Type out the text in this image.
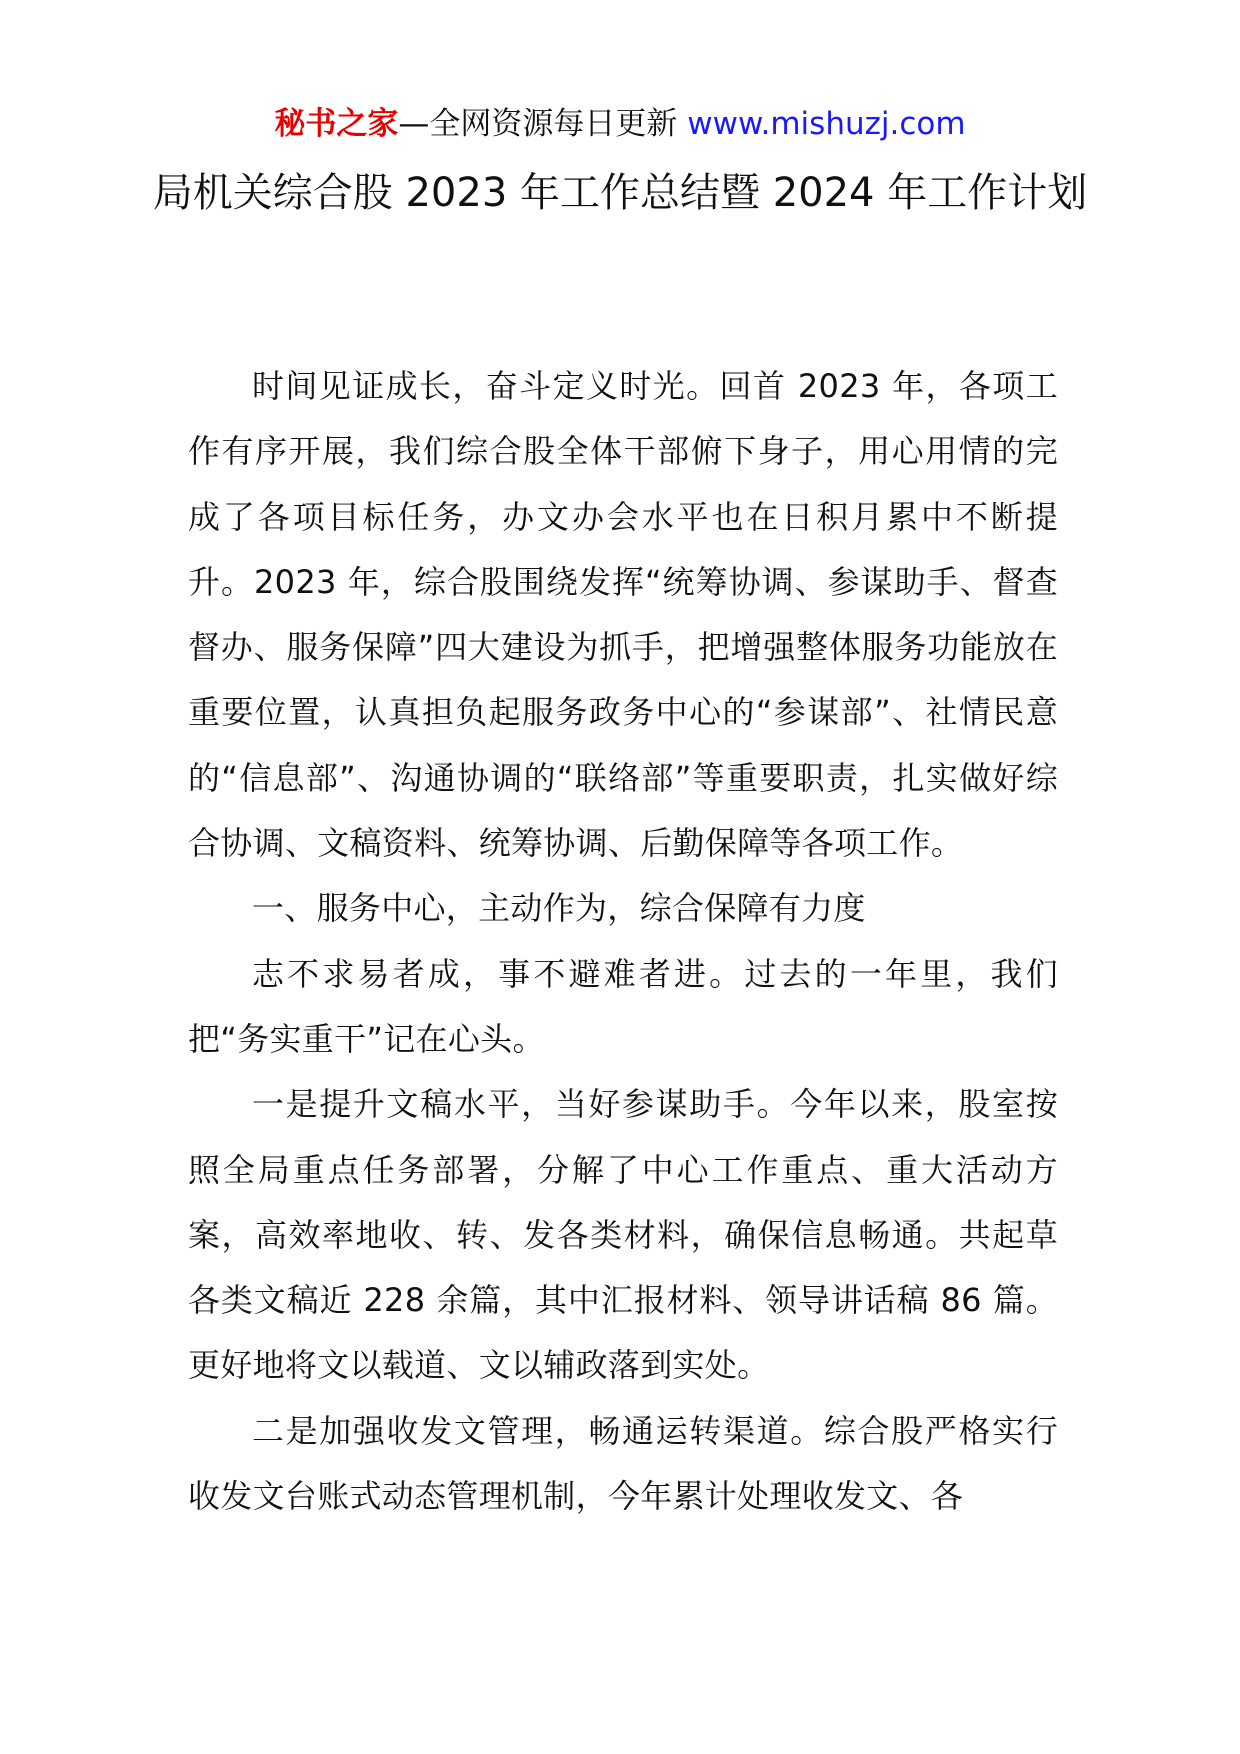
秘书之家—全网资源每日更新 www.mishuzj.com
局机关综合股 2023 年工作总结暨 2024 年工作计划

时间见证成长，奋斗定义时光。回首 2023 年，各项工作有序开展，我们综合股全体干部俯下身子，用心用情的完成了各项目标任务，办文办会水平也在日积月累中不断提升。2023 年，综合股围绕发挥“统筹协调、参谋助手、督查督办、服务保障”四大建设为抓手，把增强整体服务功能放在重要位置，认真担负起服务政务中心的“参谋部”、社情民意的“信息部”、沟通协调的“联络部”等重要职责，扎实做好综合协调、文稿资料、统筹协调、后勤保障等各项工作。

一、服务中心，主动作为，综合保障有力度

志不求易者成，事不避难者进。过去的一年里，我们把“务实重干”记在心头。

一是提升文稿水平，当好参谋助手。今年以来，股室按照全局重点任务部署，分解了中心工作重点、重大活动方案，高效率地收、转、发各类材料，确保信息畅通。共起草各类文稿近 228 余篇，其中汇报材料、领导讲话稿 86 篇。更好地将文以载道、文以辅政落到实处。

二是加强收发文管理，畅通运转渠道。综合股严格实行收发文台账式动态管理机制，今年累计处理收发文、各
